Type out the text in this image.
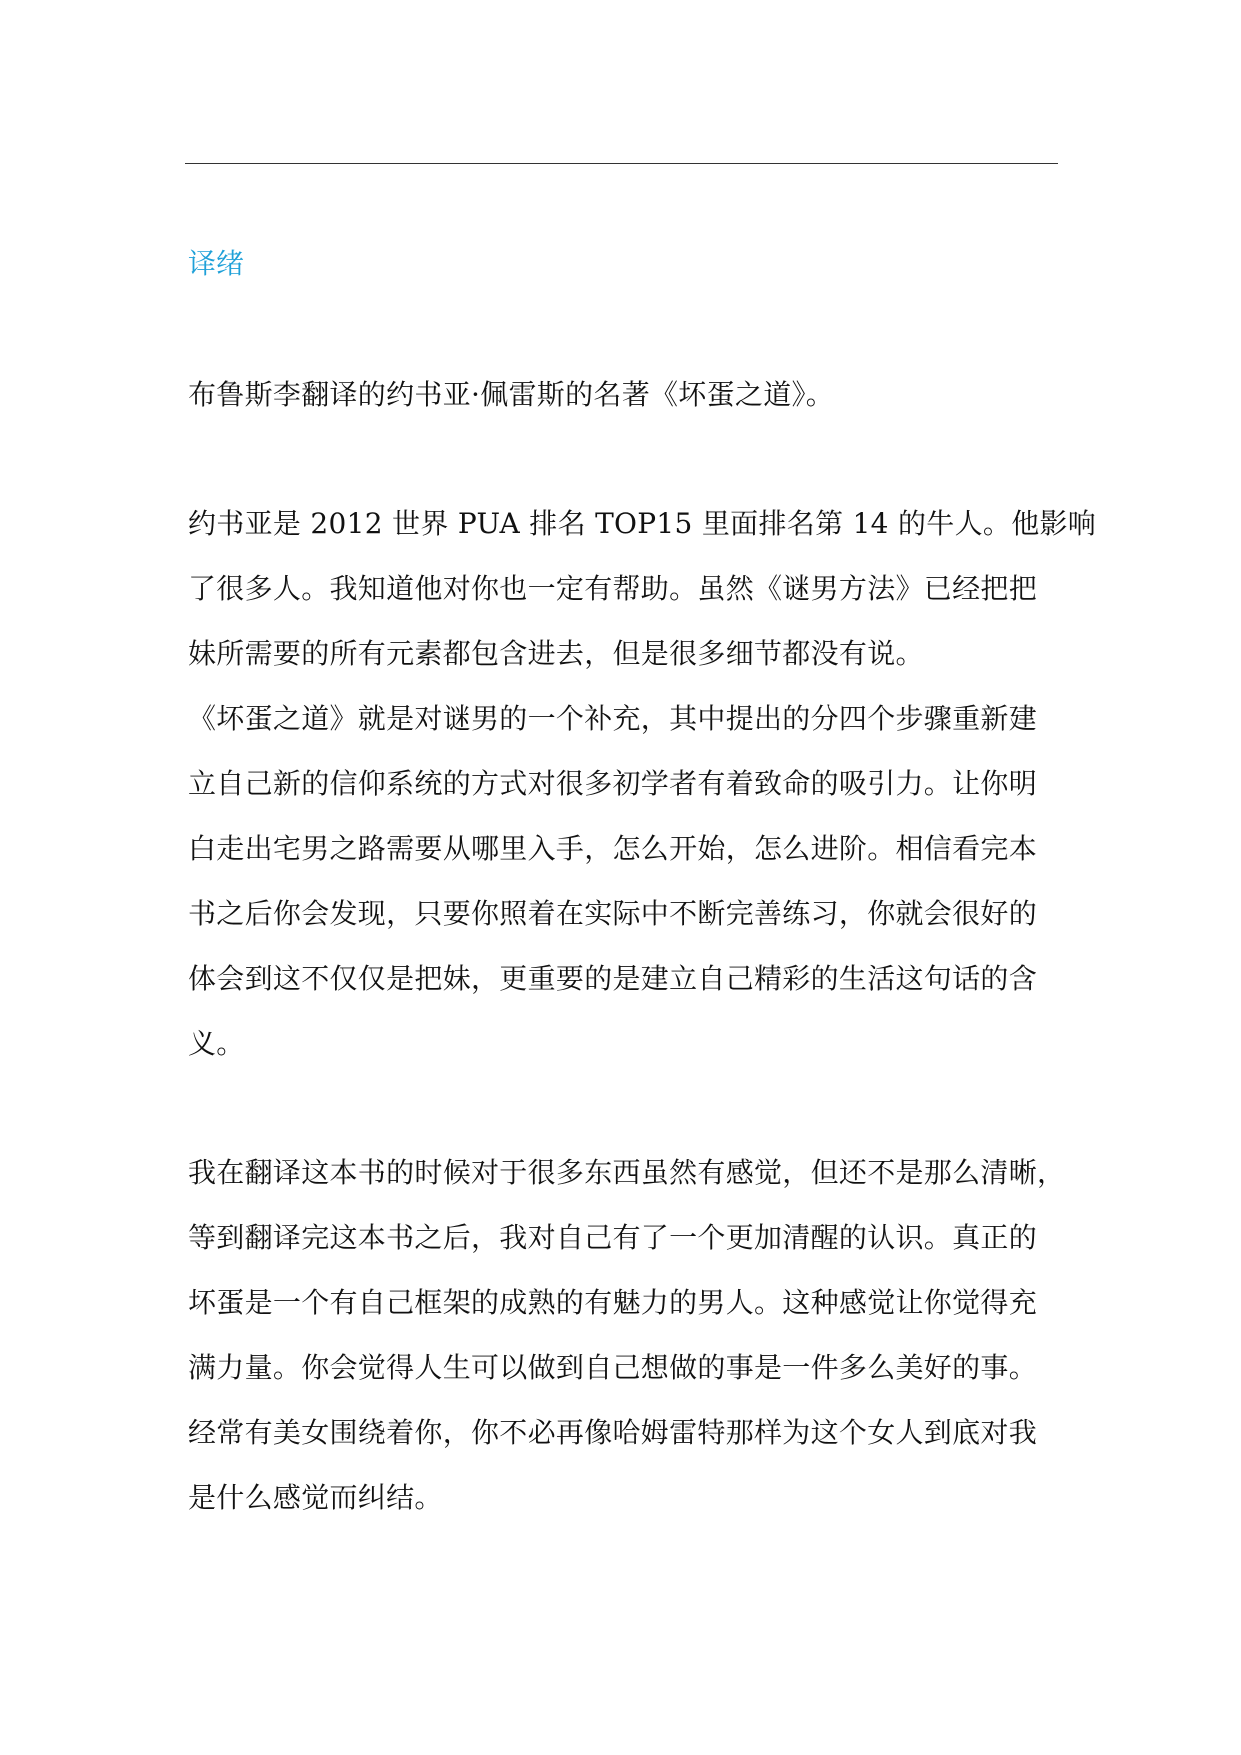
译绪

布鲁斯李翻译的约书亚·佩雷斯的名著《坏蛋之道》。

约书亚是 2012 世界 PUA 排名 TOP15 里面排名第 14 的牛人。他影响
了很多人。我知道他对你也一定有帮助。虽然《谜男方法》已经把把
妹所需要的所有元素都包含进去，但是很多细节都没有说。
《坏蛋之道》就是对谜男的一个补充，其中提出的分四个步骤重新建
立自己新的信仰系统的方式对很多初学者有着致命的吸引力。让你明
白走出宅男之路需要从哪里入手，怎么开始，怎么进阶。相信看完本
书之后你会发现，只要你照着在实际中不断完善练习，你就会很好的
体会到这不仅仅是把妹，更重要的是建立自己精彩的生活这句话的含
义。

我在翻译这本书的时候对于很多东西虽然有感觉，但还不是那么清晰，
等到翻译完这本书之后，我对自己有了一个更加清醒的认识。真正的
坏蛋是一个有自己框架的成熟的有魅力的男人。这种感觉让你觉得充
满力量。你会觉得人生可以做到自己想做的事是一件多么美好的事。
经常有美女围绕着你，你不必再像哈姆雷特那样为这个女人到底对我
是什么感觉而纠结。
